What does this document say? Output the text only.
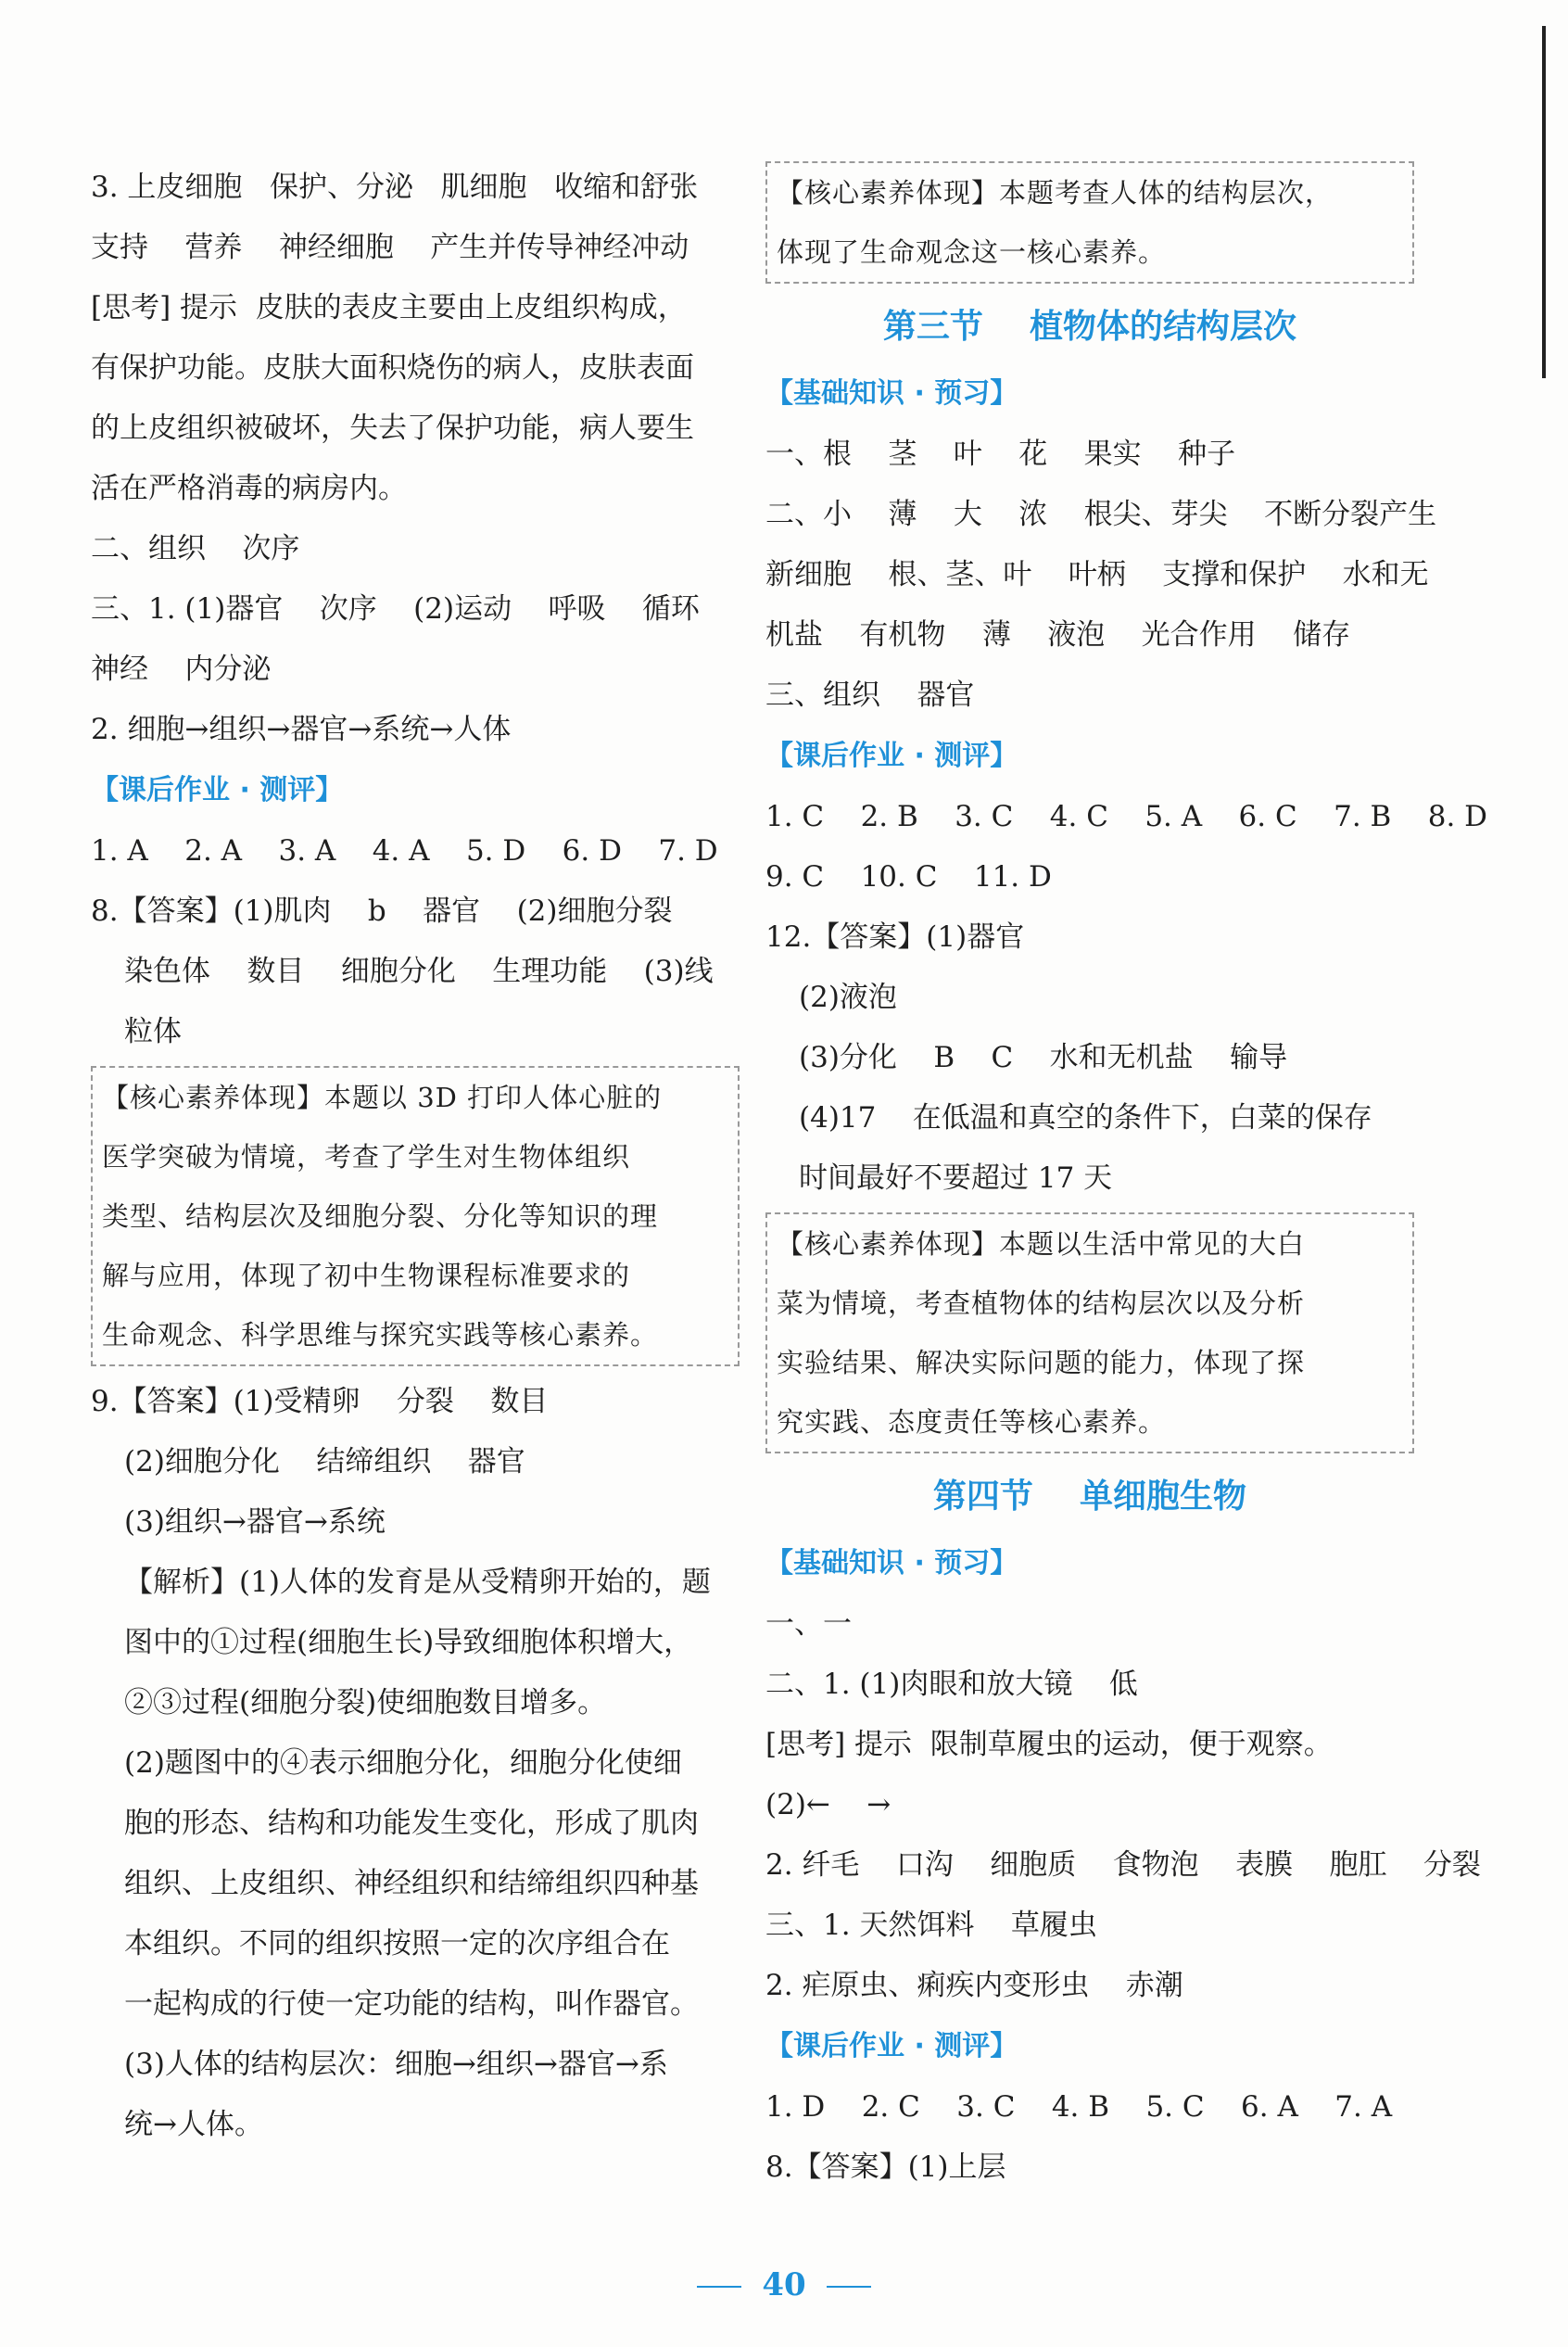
3. 上皮细胞   保护、分泌   肌细胞   收缩和舒张
支持    营养    神经细胞    产生并传导神经冲动
[思考] 提示  皮肤的表皮主要由上皮组织构成，
有保护功能。皮肤大面积烧伤的病人，皮肤表面
的上皮组织被破坏，失去了保护功能，病人要生
活在严格消毒的病房内。
二、组织    次序
三、1. (1)器官    次序    (2)运动    呼吸    循环
神经    内分泌
2. 细胞→组织→器官→系统→人体
【课后作业 · 测评】
1. A    2. A    3. A    4. A    5. D    6. D    7. D
8.【答案】(1)肌肉    b    器官    (2)细胞分裂
染色体    数目    细胞分化    生理功能    (3)线
粒体
【核心素养体现】本题以 3D 打印人体心脏的
医学突破为情境，考查了学生对生物体组织
类型、结构层次及细胞分裂、分化等知识的理
解与应用，体现了初中生物课程标准要求的
生命观念、科学思维与探究实践等核心素养。
9.【答案】(1)受精卵    分裂    数目
(2)细胞分化    结缔组织    器官
(3)组织→器官→系统
【解析】(1)人体的发育是从受精卵开始的，题
图中的①过程(细胞生长)导致细胞体积增大，
②③过程(细胞分裂)使细胞数目增多。
(2)题图中的④表示细胞分化，细胞分化使细
胞的形态、结构和功能发生变化，形成了肌肉
组织、上皮组织、神经组织和结缔组织四种基
本组织。不同的组织按照一定的次序组合在
一起构成的行使一定功能的结构，叫作器官。
(3)人体的结构层次：细胞→组织→器官→系
统→人体。
【核心素养体现】本题考查人体的结构层次，
体现了生命观念这一核心素养。
第三节    植物体的结构层次
【基础知识 · 预习】
一、根    茎    叶    花    果实    种子
二、小    薄    大    浓    根尖、芽尖    不断分裂产生
新细胞    根、茎、叶    叶柄    支撑和保护    水和无
机盐    有机物    薄    液泡    光合作用    储存
三、组织    器官
【课后作业 · 测评】
1. C    2. B    3. C    4. C    5. A    6. C    7. B    8. D
9. C    10. C    11. D
12.【答案】(1)器官
(2)液泡
(3)分化    B    C    水和无机盐    输导
(4)17    在低温和真空的条件下，白菜的保存
时间最好不要超过 17 天
【核心素养体现】本题以生活中常见的大白
菜为情境，考查植物体的结构层次以及分析
实验结果、解决实际问题的能力，体现了探
究实践、态度责任等核心素养。
第四节    单细胞生物
【基础知识 · 预习】
一、一
二、1. (1)肉眼和放大镜    低
[思考] 提示  限制草履虫的运动，便于观察。
(2)←    →
2. 纤毛    口沟    细胞质    食物泡    表膜    胞肛    分裂
三、1. 天然饵料    草履虫
2. 疟原虫、痢疾内变形虫    赤潮
【课后作业 · 测评】
1. D    2. C    3. C    4. B    5. C    6. A    7. A
8.【答案】(1)上层
40
